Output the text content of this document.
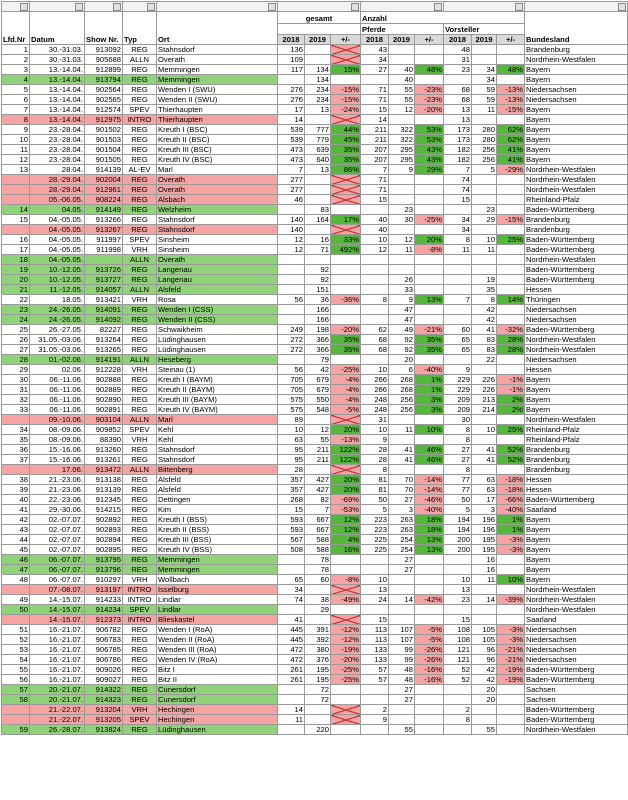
Lfd.Nr	Datum	Show Nr.	Typ	Ort	gesamt			Anzahl						Bundesland
								Pferde			Vorsteller			
					2018	2019	+/-	2018	2019	+/-	2018	2019	+/-	
1	30.-31.03.	913092	REG	Stahnsdorf	136			43			48			Brandenburg
2	30.-31.03.	905688	ALLN	Overath	109			34			31			Nordrhein-Westfalen
3	13.-14.04.	912899	REG	Memmingen	117	134	15%	27	40	48%	23	34	48%	Bayern
4	13.-14.04.	913794	REG	Memmingen		134			40			34		Bayern
5	13.-14.04.	902564	REG	Wenden I (SWU)	276	234	-15%	71	55	-23%	68	59	-13%	Niedersachsen
6	13.-14.04.	902565	REG	Wenden II (SWU)	276	234	-15%	71	55	-23%	68	59	-13%	Niedersachsen
7	13.-14.04.	912574	SPEV	Thierhaupten	17	13	-24%	15	12	-20%	13	11	-15%	Bayern
8	13.-14.04.	912975	INTRO	Thierhaupten	14			14			13			Bayern
9	23.-28.04.	901502	REG	Kreuth I (BSC)	539	777	44%	211	322	53%	173	280	62%	Bayern
10	23.-28.04.	901503	REG	Kreuth II (BSC)	539	779	45%	211	322	53%	173	280	62%	Bayern
11	23.-28.04.	901504	REG	Kreuth III (BSC)	473	639	35%	207	295	43%	182	256	41%	Bayern
12	23.-28.04.	901505	REG	Kreuth IV (BSC)	473	640	35%	207	295	43%	182	256	41%	Bayern
13	28.04.	914139	AL-EV	Marl	7	13	86%	7	9	29%	7	5	-29%	Nordrhein-Westfalen
	28.-29.04.	902004	REG	Overath	277			71			74			Nordrhein-Westfalen
	28.-29.04.	912961	REG	Overath	277			71			74			Nordrhein-Westfalen
	05.-06.05.	908224	REG	Alsbach	46			15			15			Rheinland-Pfalz
14	04.05.	914149	REG	Welzheim		83			23			23		Baden-Württemberg
15	04.-05.05.	913266	REG	Stahnsdorf	140	164	17%	40	30	-25%	34	29	-15%	Brandenburg
	04.-05.05.	913267	REG	Stahnsdorf	140			40			34			Brandenburg
16	04.-05.05.	911997	SPEV	Sinsheim	12	16	33%	10	12	20%	8	10	25%	Baden-Württemberg
17	04.-05.05.	911998	VRH	Sinsheim	12	71	492%	12	11	-8%	11	11		Baden-Württemberg
18	04.-05.05.		ALLN	Overath										Nordrhein-Westfalen
19	10.-12.05.	913726	REG	Langenau		92								Baden-Württemberg
20	10.-12.05.	913727	REG	Langenau		92			26			19		Baden-Württemberg
21	11.-12.05.	914057	ALLN	Alsfeld		151			33			35		Hessen
22	18.05.	913421	VRH	Rosa	56	36	-36%	8	9	13%	7	8	14%	Thüringen
23	24.-26.05.	914091	REG	Wenden I (CSS)		166			47			42		Niedersachsen
24	24.-26.05.	914092	REG	Wenden II (CSS)		166			47			42		Niedersachsen
25	26.-27.05.	82227	REG	Schwaikheim	249	198	-20%	62	49	-21%	60	41	-32%	Baden-Württemberg
26	31.05.-03.06.	913264	REG	Lüdinghausen	272	366	35%	68	92	35%	65	83	28%	Nordrhein-Westfalen
27	31.05.-03.06.	913265	REG	Lüdinghausen	272	366	35%	68	92	35%	65	83	28%	Nordrhein-Westfalen
28	01.-02.06.	914191	ALLN	Heseberg		79			20			22		Niedersachsen
29	02.06.	912228	VRH	Steinau (1)	56	42	-25%	10	6	-40%	9			Hessen
30	06.-11.06.	902888	REG	Kreuth I (BAYM)	705	679	-4%	266	268	1%	229	226	-1%	Bayern
31	06.-11.06.	902889	REG	Kreuth II (BAYM)	705	679	-4%	266	268	1%	229	226	-1%	Bayern
32	06.-11.06.	902890	REG	Kreuth III (BAYM)	575	550	-4%	248	256	3%	209	213	2%	Bayern
33	06.-11.06.	902891	REG	Kreuth IV (BAYM)	575	548	-5%	248	256	3%	209	214	2%	Bayern
	09.-10.06.	903104	ALLN	Marl	89			31			30			Nordrhein-Westfalen
34	08.-09.06.	909852	SPEV	Kehl	10	12	20%	10	11	10%	8	10	25%	Rheinland-Pfalz
35	08.-09.06.	88390	VRH	Kehl	63	55	-13%	9			8			Rheinland-Pfalz
36	15.-16.06.	913260	REG	Stahnsdorf	95	211	122%	28	41	46%	27	41	52%	Brandenburg
37	15.-16.06.	913261	REG	Stahnsdorf	95	211	122%	28	41	46%	27	41	52%	Brandenburg
	17.06.	913472	ALLN	Bittenberg	28			8			8			Brandenburg
38	21.-23.06.	913138	REG	Alsfeld	357	427	20%	81	70	-14%	77	63	-18%	Hessen
39	21.-23.06.	913139	REG	Alsfeld	357	427	20%	81	70	-14%	77	63	-18%	Hessen
40	22.-23.06.	912345	REG	Dettingen	268	82	-69%	50	27	-46%	50	17	-66%	Baden-Württemberg
41	29.-30.06.	914215	REG	Kim	15	7	-53%	5	3	-40%	5	3	-40%	Saarland
42	02.-07.07.	902892	REG	Kreuth I (BSS)	593	667	12%	223	263	18%	194	196	1%	Bayern
43	02.-07.07.	902893	REG	Kreuth II (BSS)	593	667	12%	223	263	18%	194	196	1%	Bayern
44	02.-07.07.	902894	REG	Kreuth III (BSS)	567	588	4%	225	254	13%	200	195	-3%	Bayern
45	02.-07.07.	902895	REG	Kreuth IV (BSS)	508	588	16%	225	254	13%	200	195	-3%	Bayern
46	06.-07.07.	913795	REG	Memmingen		78			27			16		Bayern
47	06.-07.07.	913796	REG	Memmingen		78			27			16		Bayern
48	06.-07.07.	910297	VRH	Wollbach	65	60	-8%	10			10	11	10%	Bayern
	07.-08.07.	913197	INTRO	Isselburg	34			13			13			Nordrhein-Westfalen
49	14.-15.07.	914233	INTRO	Lindlar	74	38	-49%	24	14	-42%	23	14	-39%	Nordrhein-Westfalen
50	14.-15.07.	914234	SPEV	Lindlar		29								Nordrhein-Westfalen
	14.-15.07.	912373	INTRO	Blieskastel	41			15			15			Saarland
51	16.-21.07.	906782	REG	Wenden I (RoA)	445	391	-12%	113	107	-5%	108	105	-3%	Niedersachsen
52	16.-21.07.	906783	REG	Wenden II (RoA)	445	392	-12%	113	107	-5%	108	105	-3%	Niedersachsen
53	16.-21.07.	906785	REG	Wenden III (RoA)	472	380	-19%	133	99	-26%	121	96	-21%	Niedersachsen
54	16.-21.07.	906786	REG	Wenden IV (RoA)	472	376	-20%	133	99	-26%	121	96	-21%	Niedersachsen
55	16.-21.07.	909026	REG	Bitz I	261	195	-25%	57	48	-16%	52	42	-19%	Baden-Württemberg
56	16.-21.07.	909027	REG	Bitz II	261	195	-25%	57	48	-16%	52	42	-19%	Baden-Württemberg
57	20.-21.07.	914322	REG	Cunersdorf		72			27			20		Sachsen
58	20.-21.07.	914323	REG	Cunersdorf		72			27			20		Sachsen
	21.-22.07.	913204	VRH	Hechingen	14			2			2			Baden-Württemberg
	21.-22.07.	913205	SPEV	Hechingen	11			9			8			Baden-Württemberg
59	26.-28.07.	913824	REG	Lüdinghausen		220			55			55		Nordrhein-Westfalen
